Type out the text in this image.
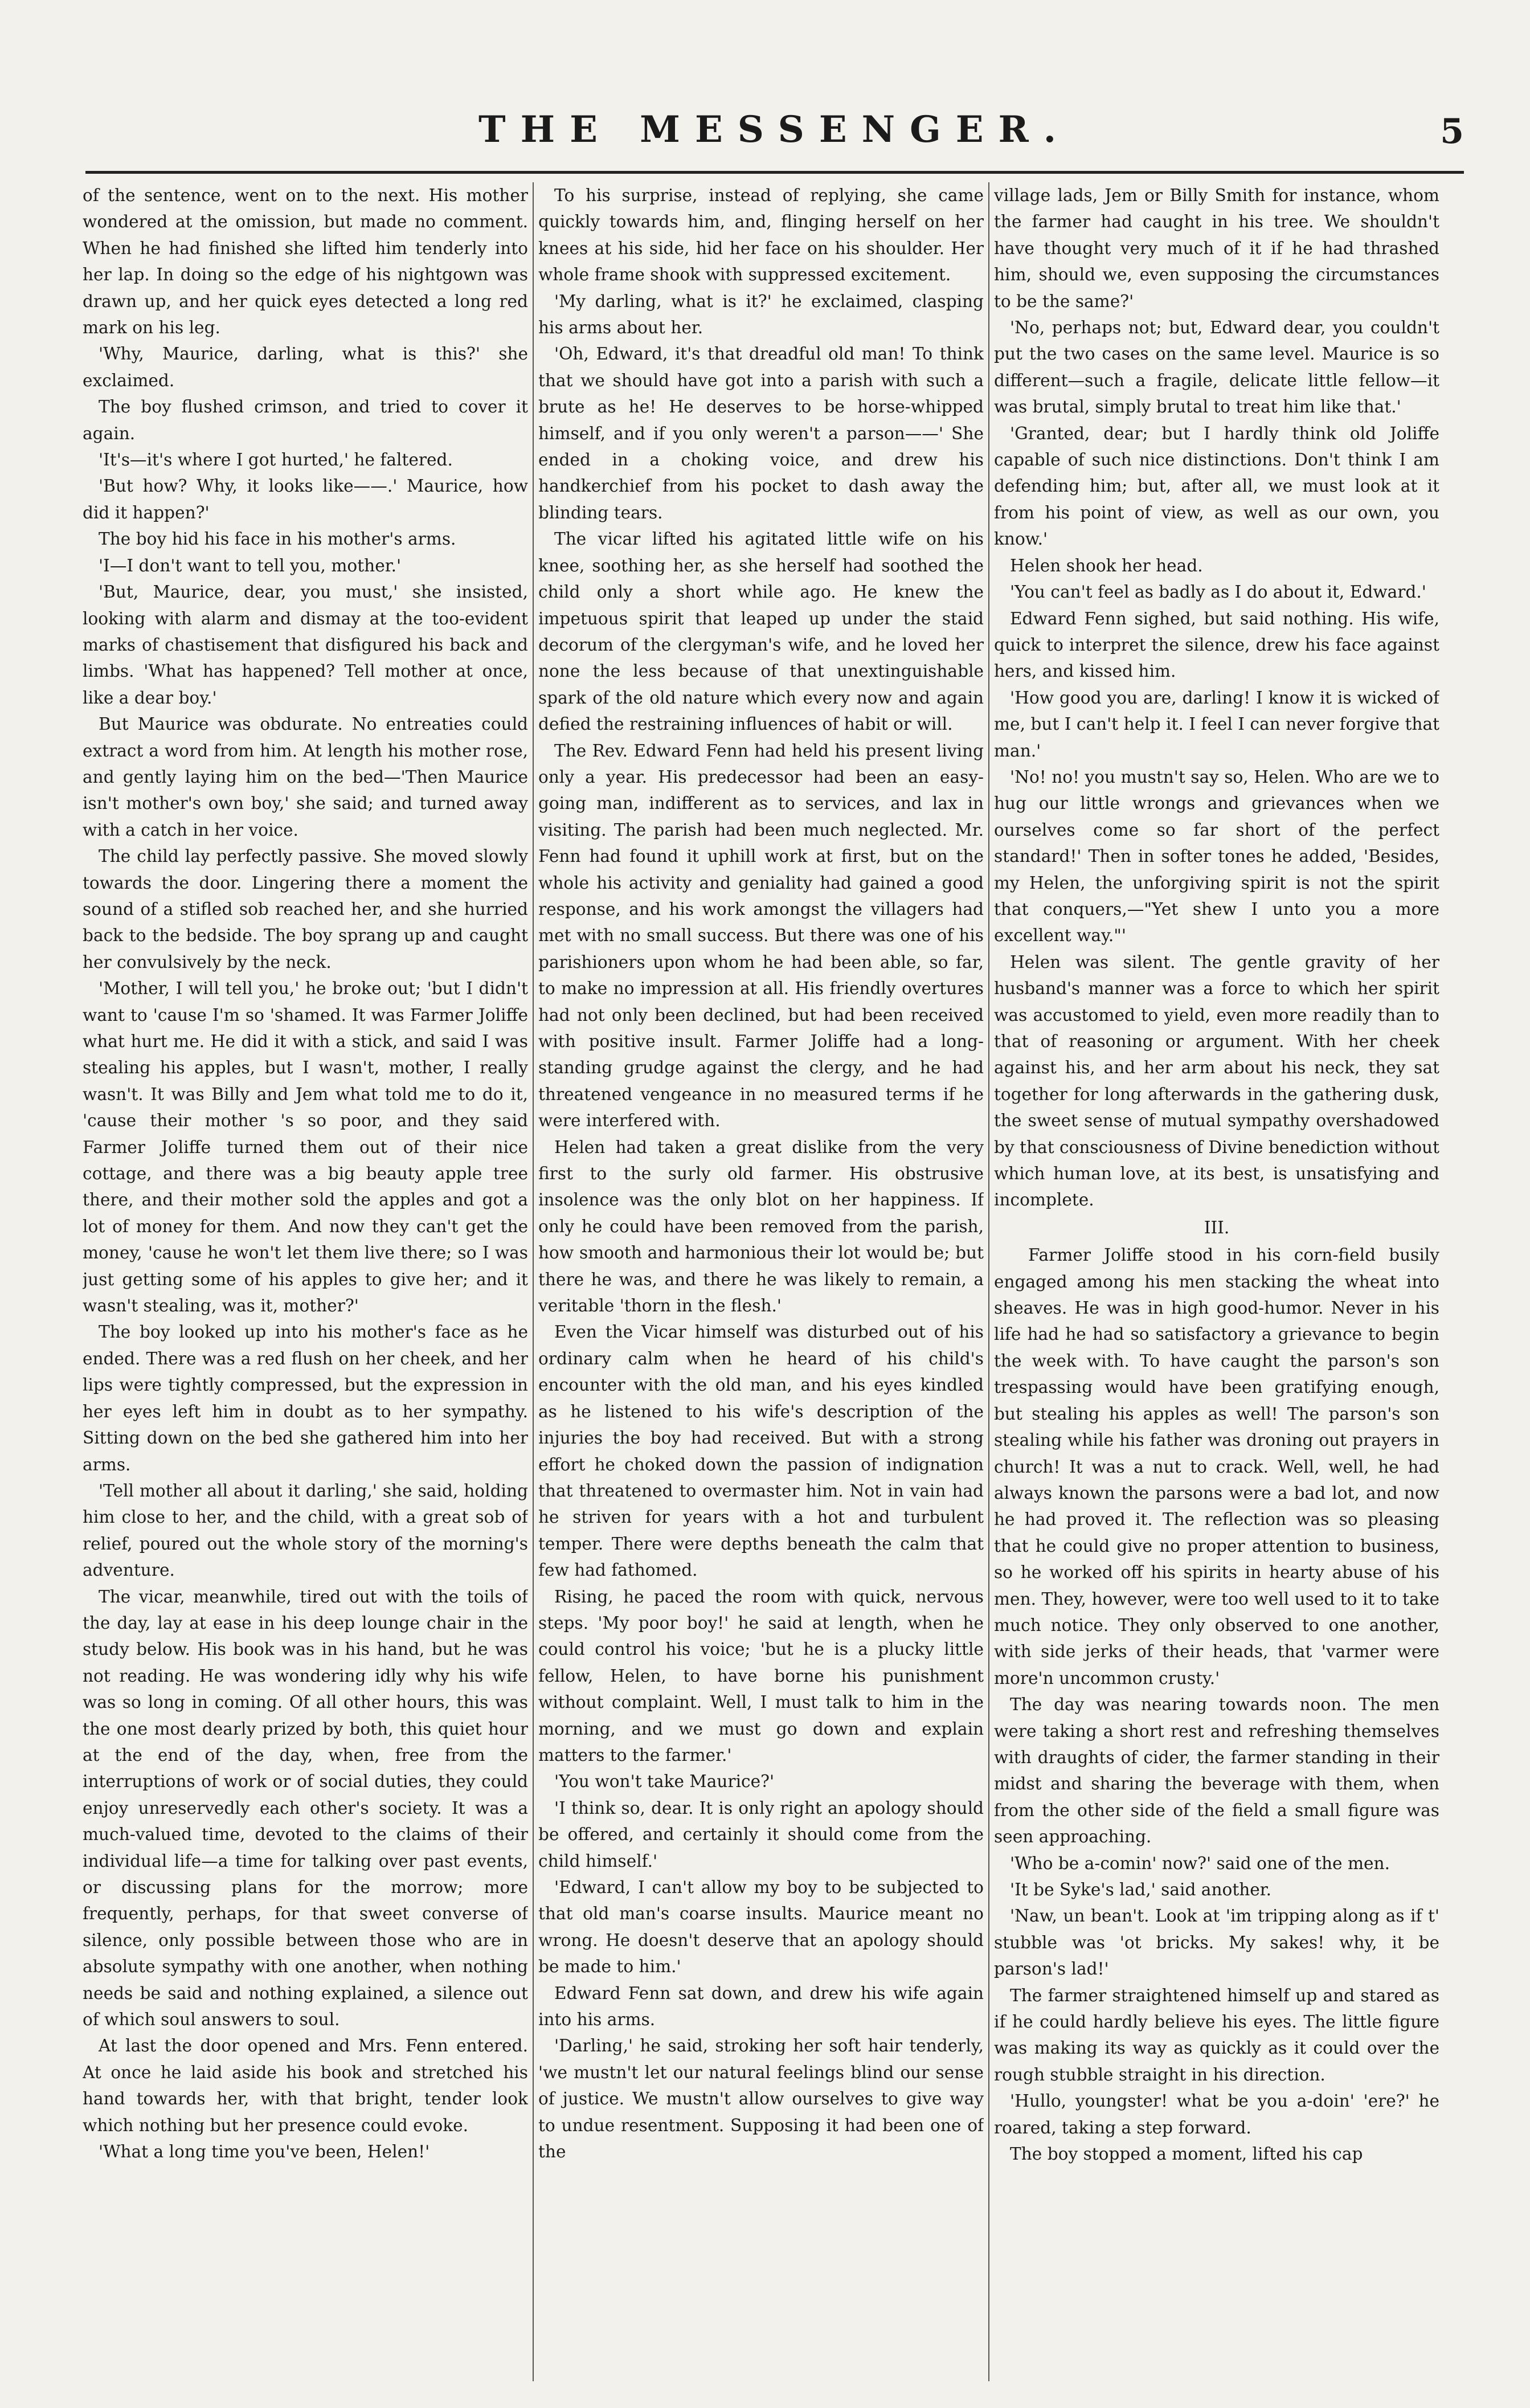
THE MESSENGER.	5

of the sentence, went on to the next. His mother wondered at the omission, but made no comment. When he had finished she lifted him tenderly into her lap. In doing so the edge of his nightgown was drawn up, and her quick eyes detected a long red mark on his leg.

'Why, Maurice, darling, what is this?' she exclaimed.

The boy flushed crimson, and tried to cover it again.

'It's—it's where I got hurted,' he faltered.

'But how? Why, it looks like——.' Maurice, how did it happen?'

The boy hid his face in his mother's arms.

'I—I don't want to tell you, mother.'

'But, Maurice, dear, you must,' she insisted, looking with alarm and dismay at the too-evident marks of chastisement that disfigured his back and limbs. 'What has happened? Tell mother at once, like a dear boy.'

But Maurice was obdurate. No entreaties could extract a word from him. At length his mother rose, and gently laying him on the bed—'Then Maurice isn't mother's own boy,' she said; and turned away with a catch in her voice.

The child lay perfectly passive. She moved slowly towards the door. Lingering there a moment the sound of a stifled sob reached her, and she hurried back to the bedside. The boy sprang up and caught her convulsively by the neck.

'Mother, I will tell you,' he broke out; 'but I didn't want to 'cause I'm so 'shamed. It was Farmer Joliffe what hurt me. He did it with a stick, and said I was stealing his apples, but I wasn't, mother, I really wasn't. It was Billy and Jem what told me to do it, 'cause their mother 's so poor, and they said Farmer Joliffe turned them out of their nice cottage, and there was a big beauty apple tree there, and their mother sold the apples and got a lot of money for them. And now they can't get the money, 'cause he won't let them live there; so I was just getting some of his apples to give her; and it wasn't stealing, was it, mother?'

The boy looked up into his mother's face as he ended. There was a red flush on her cheek, and her lips were tightly compressed, but the expression in her eyes left him in doubt as to her sympathy. Sitting down on the bed she gathered him into her arms.

'Tell mother all about it darling,' she said, holding him close to her, and the child, with a great sob of relief, poured out the whole story of the morning's adventure.

The vicar, meanwhile, tired out with the toils of the day, lay at ease in his deep lounge chair in the study below. His book was in his hand, but he was not reading. He was wondering idly why his wife was so long in coming. Of all other hours, this was the one most dearly prized by both, this quiet hour at the end of the day, when, free from the interruptions of work or of social duties, they could enjoy unreservedly each other's society. It was a much-valued time, devoted to the claims of their individual life—a time for talking over past events, or discussing plans for the morrow; more frequently, perhaps, for that sweet converse of silence, only possible between those who are in absolute sympathy with one another, when nothing needs be said and nothing explained, a silence out of which soul answers to soul.

At last the door opened and Mrs. Fenn entered. At once he laid aside his book and stretched his hand towards her, with that bright, tender look which nothing but her presence could evoke.

'What a long time you've been, Helen!'

To his surprise, instead of replying, she came quickly towards him, and, flinging herself on her knees at his side, hid her face on his shoulder. Her whole frame shook with suppressed excitement.

'My darling, what is it?' he exclaimed, clasping his arms about her.

'Oh, Edward, it's that dreadful old man! To think that we should have got into a parish with such a brute as he! He deserves to be horse-whipped himself, and if you only weren't a parson——' She ended in a choking voice, and drew his handkerchief from his pocket to dash away the blinding tears.

The vicar lifted his agitated little wife on his knee, soothing her, as she herself had soothed the child only a short while ago. He knew the impetuous spirit that leaped up under the staid decorum of the clergyman's wife, and he loved her none the less because of that unextinguishable spark of the old nature which every now and again defied the restraining influences of habit or will.

The Rev. Edward Fenn had held his present living only a year. His predecessor had been an easy-going man, indifferent as to services, and lax in visiting. The parish had been much neglected. Mr. Fenn had found it uphill work at first, but on the whole his activity and geniality had gained a good response, and his work amongst the villagers had met with no small success. But there was one of his parishioners upon whom he had been able, so far, to make no impression at all. His friendly overtures had not only been declined, but had been received with positive insult. Farmer Joliffe had a long-standing grudge against the clergy, and he had threatened vengeance in no measured terms if he were interfered with.

Helen had taken a great dislike from the very first to the surly old farmer. His obstrusive insolence was the only blot on her happiness. If only he could have been removed from the parish, how smooth and harmonious their lot would be; but there he was, and there he was likely to remain, a veritable 'thorn in the flesh.'

Even the Vicar himself was disturbed out of his ordinary calm when he heard of his child's encounter with the old man, and his eyes kindled as he listened to his wife's description of the injuries the boy had received. But with a strong effort he choked down the passion of indignation that threatened to overmaster him. Not in vain had he striven for years with a hot and turbulent temper. There were depths beneath the calm that few had fathomed.

Rising, he paced the room with quick, nervous steps. 'My poor boy!' he said at length, when he could control his voice; 'but he is a plucky little fellow, Helen, to have borne his punishment without complaint. Well, I must talk to him in the morning, and we must go down and explain matters to the farmer.'

'You won't take Maurice?'

'I think so, dear. It is only right an apology should be offered, and certainly it should come from the child himself.'

'Edward, I can't allow my boy to be subjected to that old man's coarse insults. Maurice meant no wrong. He doesn't deserve that an apology should be made to him.'

Edward Fenn sat down, and drew his wife again into his arms.

'Darling,' he said, stroking her soft hair tenderly, 'we mustn't let our natural feelings blind our sense of justice. We mustn't allow ourselves to give way to undue resentment. Supposing it had been one of the

village lads, Jem or Billy Smith for instance, whom the farmer had caught in his tree. We shouldn't have thought very much of it if he had thrashed him, should we, even supposing the circumstances to be the same?'

'No, perhaps not; but, Edward dear, you couldn't put the two cases on the same level. Maurice is so different—such a fragile, delicate little fellow—it was brutal, simply brutal to treat him like that.'

'Granted, dear; but I hardly think old Joliffe capable of such nice distinctions. Don't think I am defending him; but, after all, we must look at it from his point of view, as well as our own, you know.'

Helen shook her head.

'You can't feel as badly as I do about it, Edward.'

Edward Fenn sighed, but said nothing. His wife, quick to interpret the silence, drew his face against hers, and kissed him.

'How good you are, darling! I know it is wicked of me, but I can't help it. I feel I can never forgive that man.'

'No! no! you mustn't say so, Helen. Who are we to hug our little wrongs and grievances when we ourselves come so far short of the perfect standard!' Then in softer tones he added, 'Besides, my Helen, the unforgiving spirit is not the spirit that conquers,—"Yet shew I unto you a more excellent way."'

Helen was silent. The gentle gravity of her husband's manner was a force to which her spirit was accustomed to yield, even more readily than to that of reasoning or argument. With her cheek against his, and her arm about his neck, they sat together for long afterwards in the gathering dusk, the sweet sense of mutual sympathy overshadowed by that consciousness of Divine benediction without which human love, at its best, is unsatisfying and incomplete.

III.

Farmer Joliffe stood in his corn-field busily engaged among his men stacking the wheat into sheaves. He was in high good-humor. Never in his life had he had so satisfactory a grievance to begin the week with. To have caught the parson's son trespassing would have been gratifying enough, but stealing his apples as well! The parson's son stealing while his father was droning out prayers in church! It was a nut to crack. Well, well, he had always known the parsons were a bad lot, and now he had proved it. The reflection was so pleasing that he could give no proper attention to business, so he worked off his spirits in hearty abuse of his men. They, however, were too well used to it to take much notice. They only observed to one another, with side jerks of their heads, that 'varmer were more'n uncommon crusty.'

The day was nearing towards noon. The men were taking a short rest and refreshing themselves with draughts of cider, the farmer standing in their midst and sharing the beverage with them, when from the other side of the field a small figure was seen approaching.

'Who be a-comin' now?' said one of the men.

'It be Syke's lad,' said another.

'Naw, un bean't. Look at 'im tripping along as if t' stubble was 'ot bricks. My sakes! why, it be parson's lad!'

The farmer straightened himself up and stared as if he could hardly believe his eyes. The little figure was making its way as quickly as it could over the rough stubble straight in his direction.

'Hullo, youngster! what be you a-doin' 'ere?' he roared, taking a step forward.

The boy stopped a moment, lifted his cap
